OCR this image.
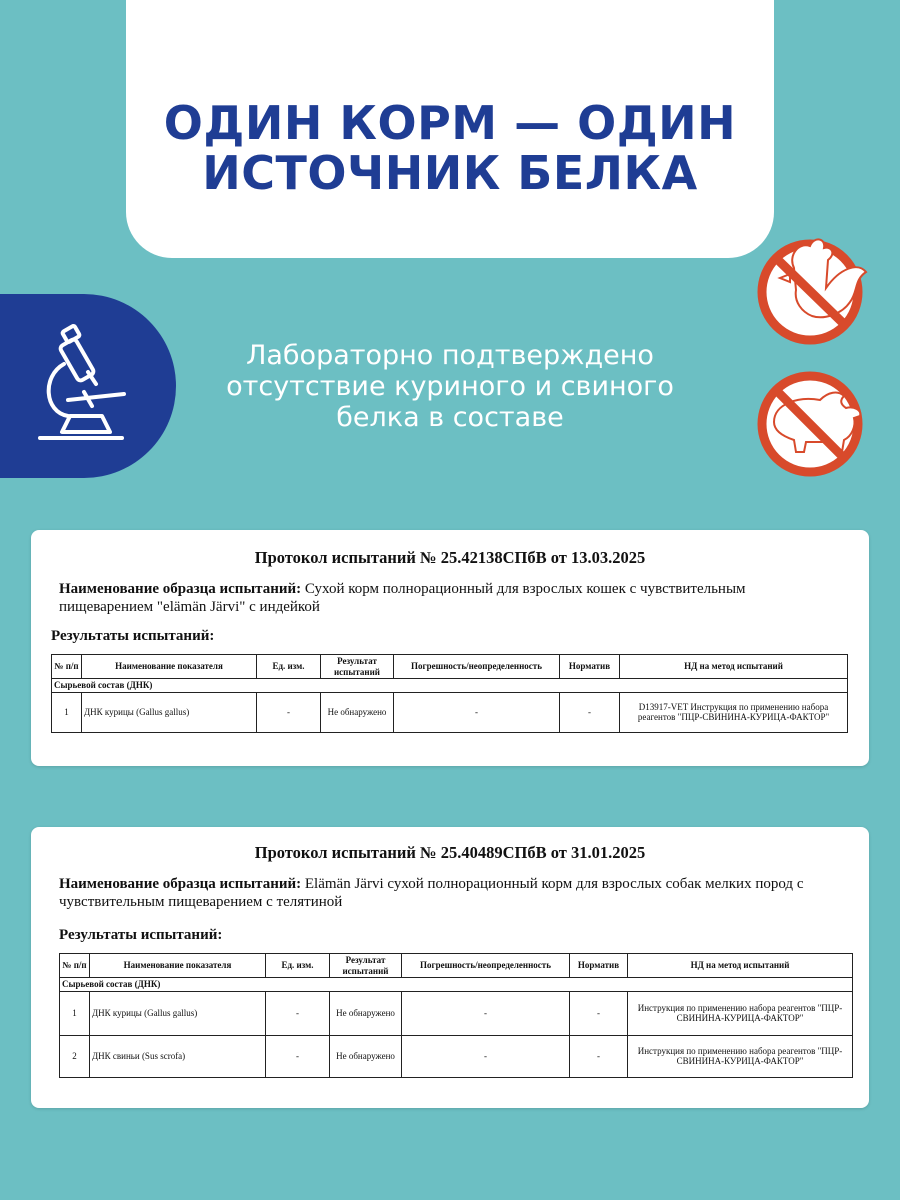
ОДИН КОРМ — ОДИН
ИСТОЧНИК БЕЛКА
Лабораторно подтверждено
отсутствие куриного и свиного
белка в составе
Протокол испытаний № 25.42138СПбВ от 13.03.2025
Наименование образца испытаний: Сухой корм полнорационный для взрослых кошек с чувствительным
пищеварением "elämän Järvi" с индейкой
Результаты испытаний:
№ п/п	Наименование показателя	Ед. изм.	Результат испытаний	Погрешность/неопределенность	Норматив	НД на метод испытаний
Сырьевой состав (ДНК)						
1	ДНК курицы (Gallus gallus)	-	Не обнаружено	-	-	D13917-VET Инструкция по применению набора реагентов "ПЦР-СВИНИНА-КУРИЦА-ФАКТОР"
Протокол испытаний № 25.40489СПбВ от 31.01.2025
Наименование образца испытаний: Elämän Järvi сухой полнорационный корм для взрослых собак мелких пород с
чувствительным пищеварением с телятиной
Результаты испытаний:
№ п/п	Наименование показателя	Ед. изм.	Результат испытаний	Погрешность/неопределенность	Норматив	НД на метод испытаний
Сырьевой состав (ДНК)						
1	ДНК курицы (Gallus gallus)	-	Не обнаружено	-	-	Инструкция по применению набора реагентов "ПЦР-СВИНИНА-КУРИЦА-ФАКТОР"
2	ДНК свиньи (Sus scrofa)	-	Не обнаружено	-	-	Инструкция по применению набора реагентов "ПЦР-СВИНИНА-КУРИЦА-ФАКТОР"
